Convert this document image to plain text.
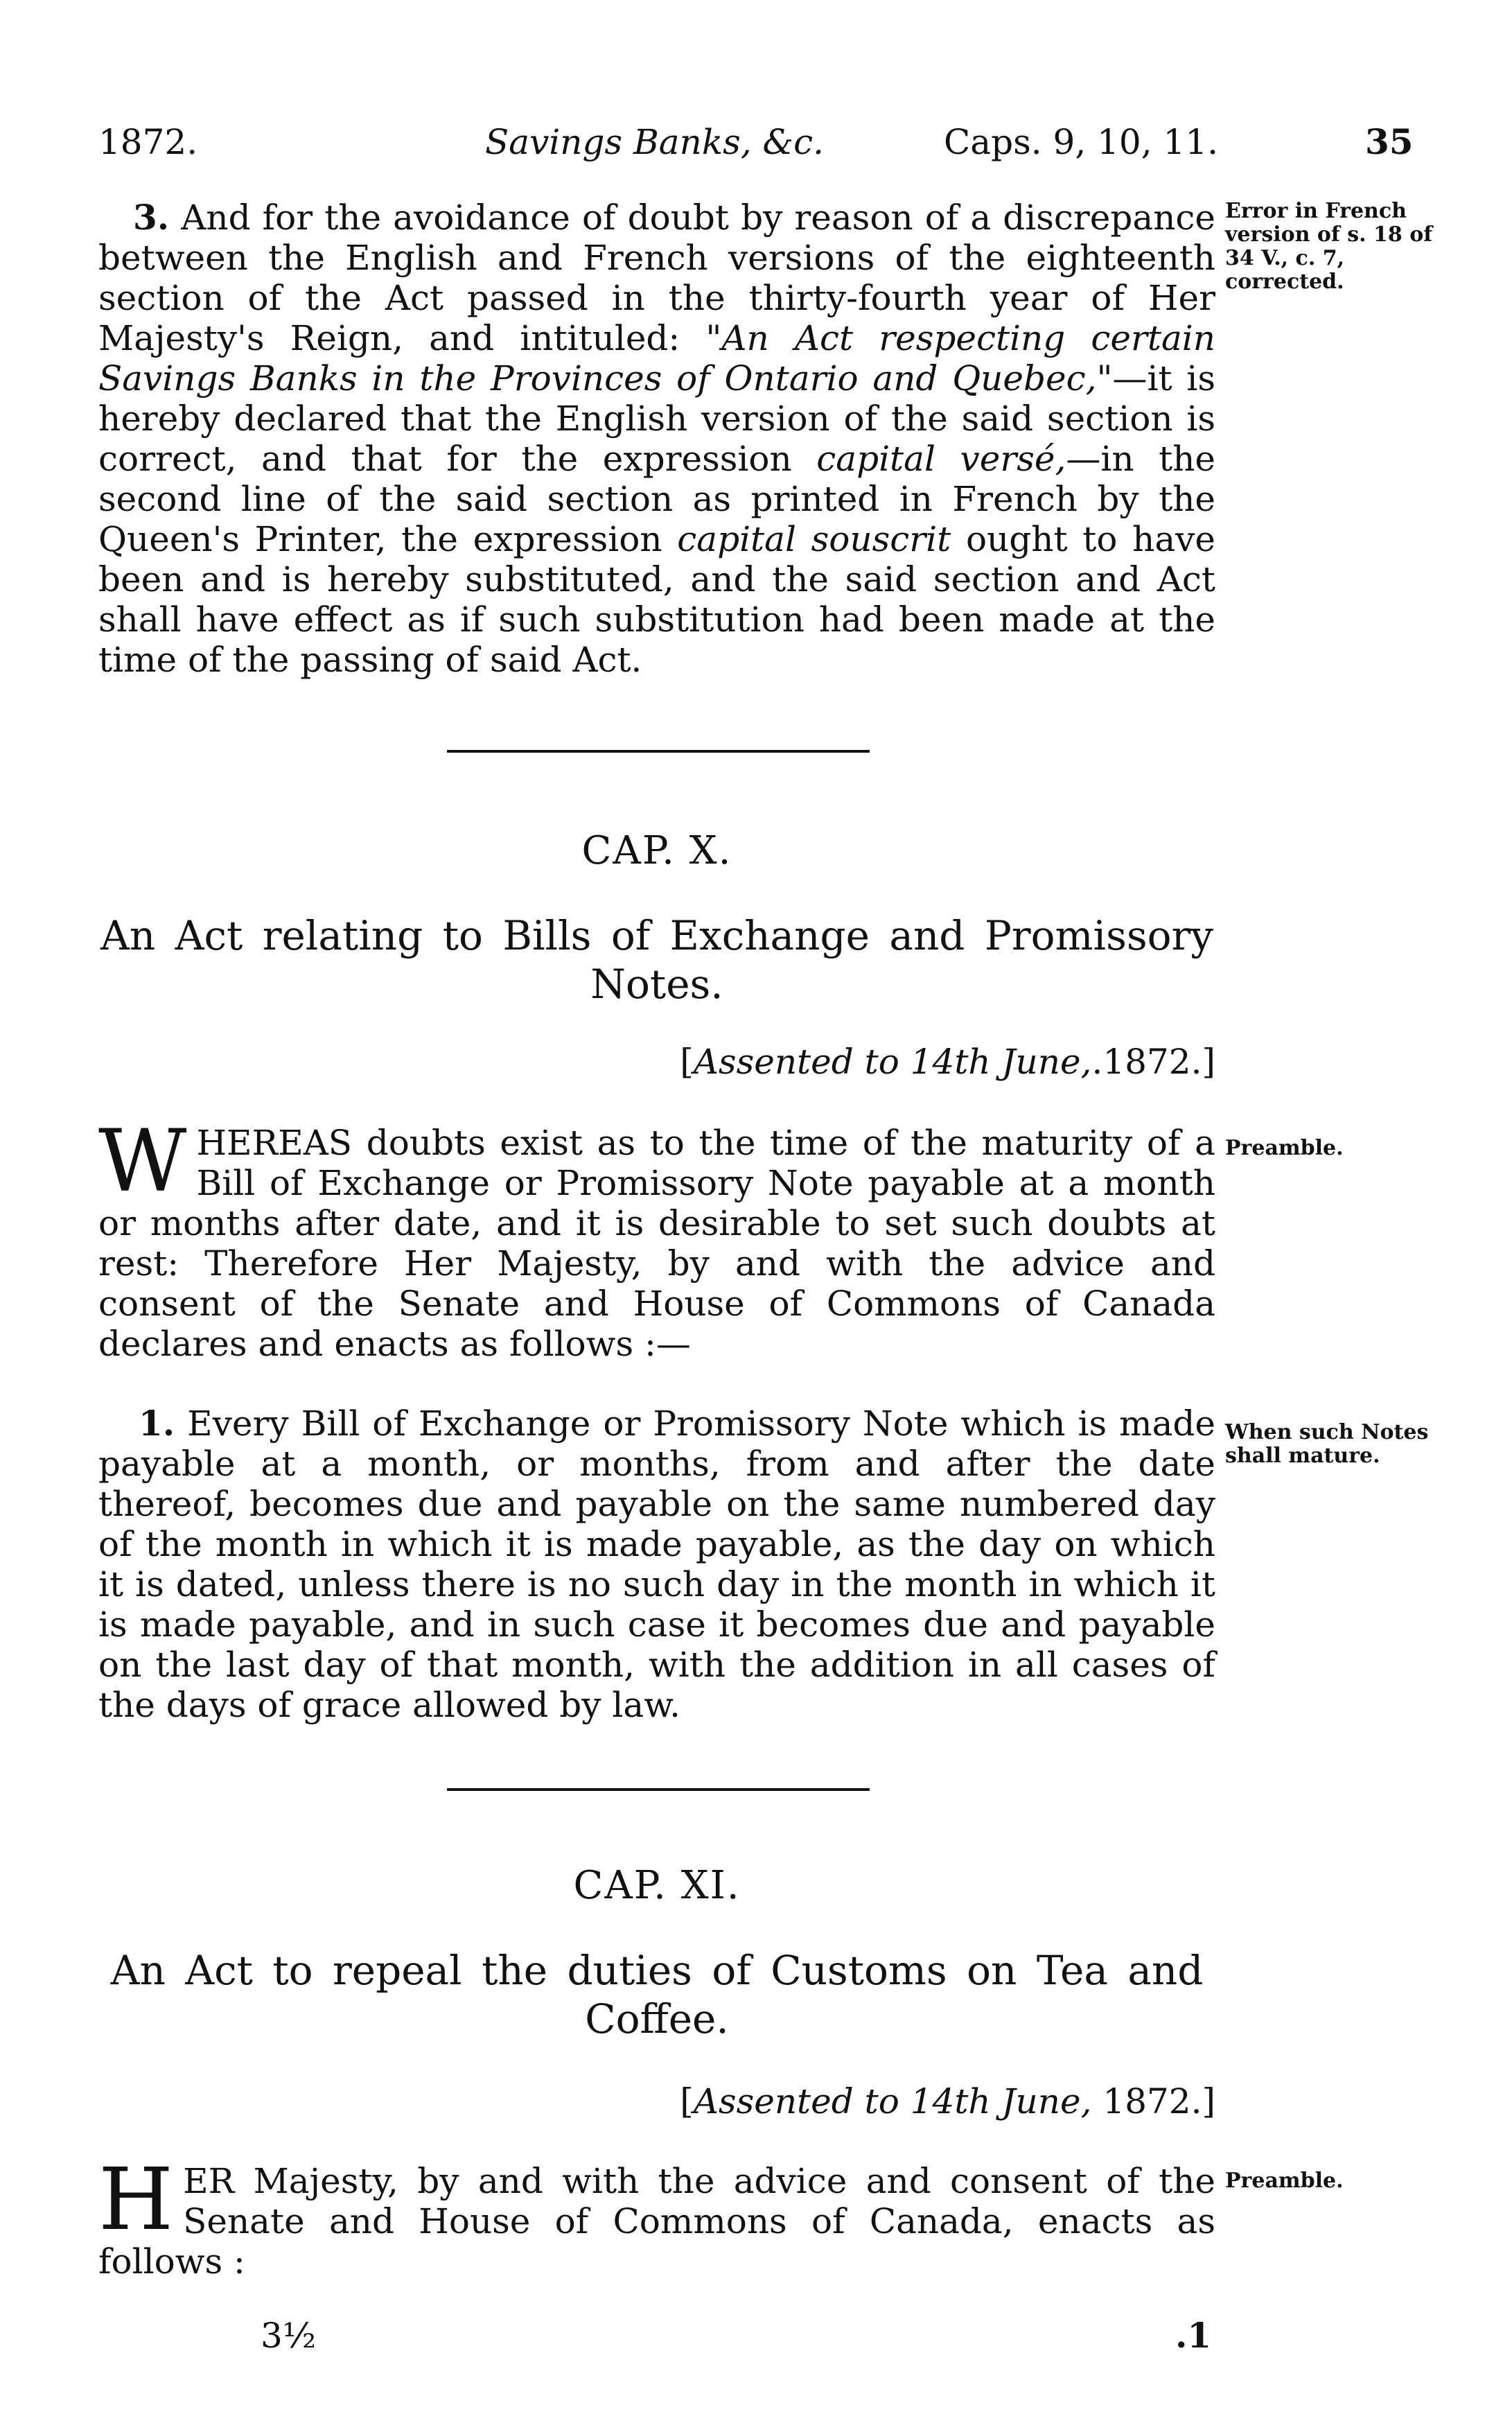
1872.	Savings Banks, &c.	Caps. 9, 10, 11.	35
3. And for the avoidance of doubt by reason of a discrepance between the English and French versions of the eighteenth section of the Act passed in the thirty-fourth year of Her Majesty's Reign, and intituled: "An Act respecting certain Savings Banks in the Provinces of Ontario and Quebec,"—it is hereby declared that the English version of the said section is correct, and that for the expression capital versé,—in the second line of the said section as printed in French by the Queen's Printer, the expression capital souscrit ought to have been and is hereby substituted, and the said section and Act shall have effect as if such substitution had been made at the time of the passing of said Act.
Error in French version of s. 18 of 34 V., c. 7, corrected.
CAP. X.
An Act relating to Bills of Exchange and Promissory Notes.
[Assented to 14th June,.1872.]
WHEREAS doubts exist as to the time of the maturity of a Bill of Exchange or Promissory Note payable at a month or months after date, and it is desirable to set such doubts at rest: Therefore Her Majesty, by and with the advice and consent of the Senate and House of Commons of Canada declares and enacts as follows :—
Preamble.
1. Every Bill of Exchange or Promissory Note which is made payable at a month, or months, from and after the date thereof, becomes due and payable on the same numbered day of the month in which it is made payable, as the day on which it is dated, unless there is no such day in the month in which it is made payable, and in such case it becomes due and payable on the last day of that month, with the addition in all cases of the days of grace allowed by law.
When such Notes shall mature.
CAP. XI.
An Act to repeal the duties of Customs on Tea and Coffee.
[Assented to 14th June, 1872.]
HER Majesty, by and with the advice and consent of the Senate and House of Commons of Canada, enacts as follows :
Preamble.
3½	.1
